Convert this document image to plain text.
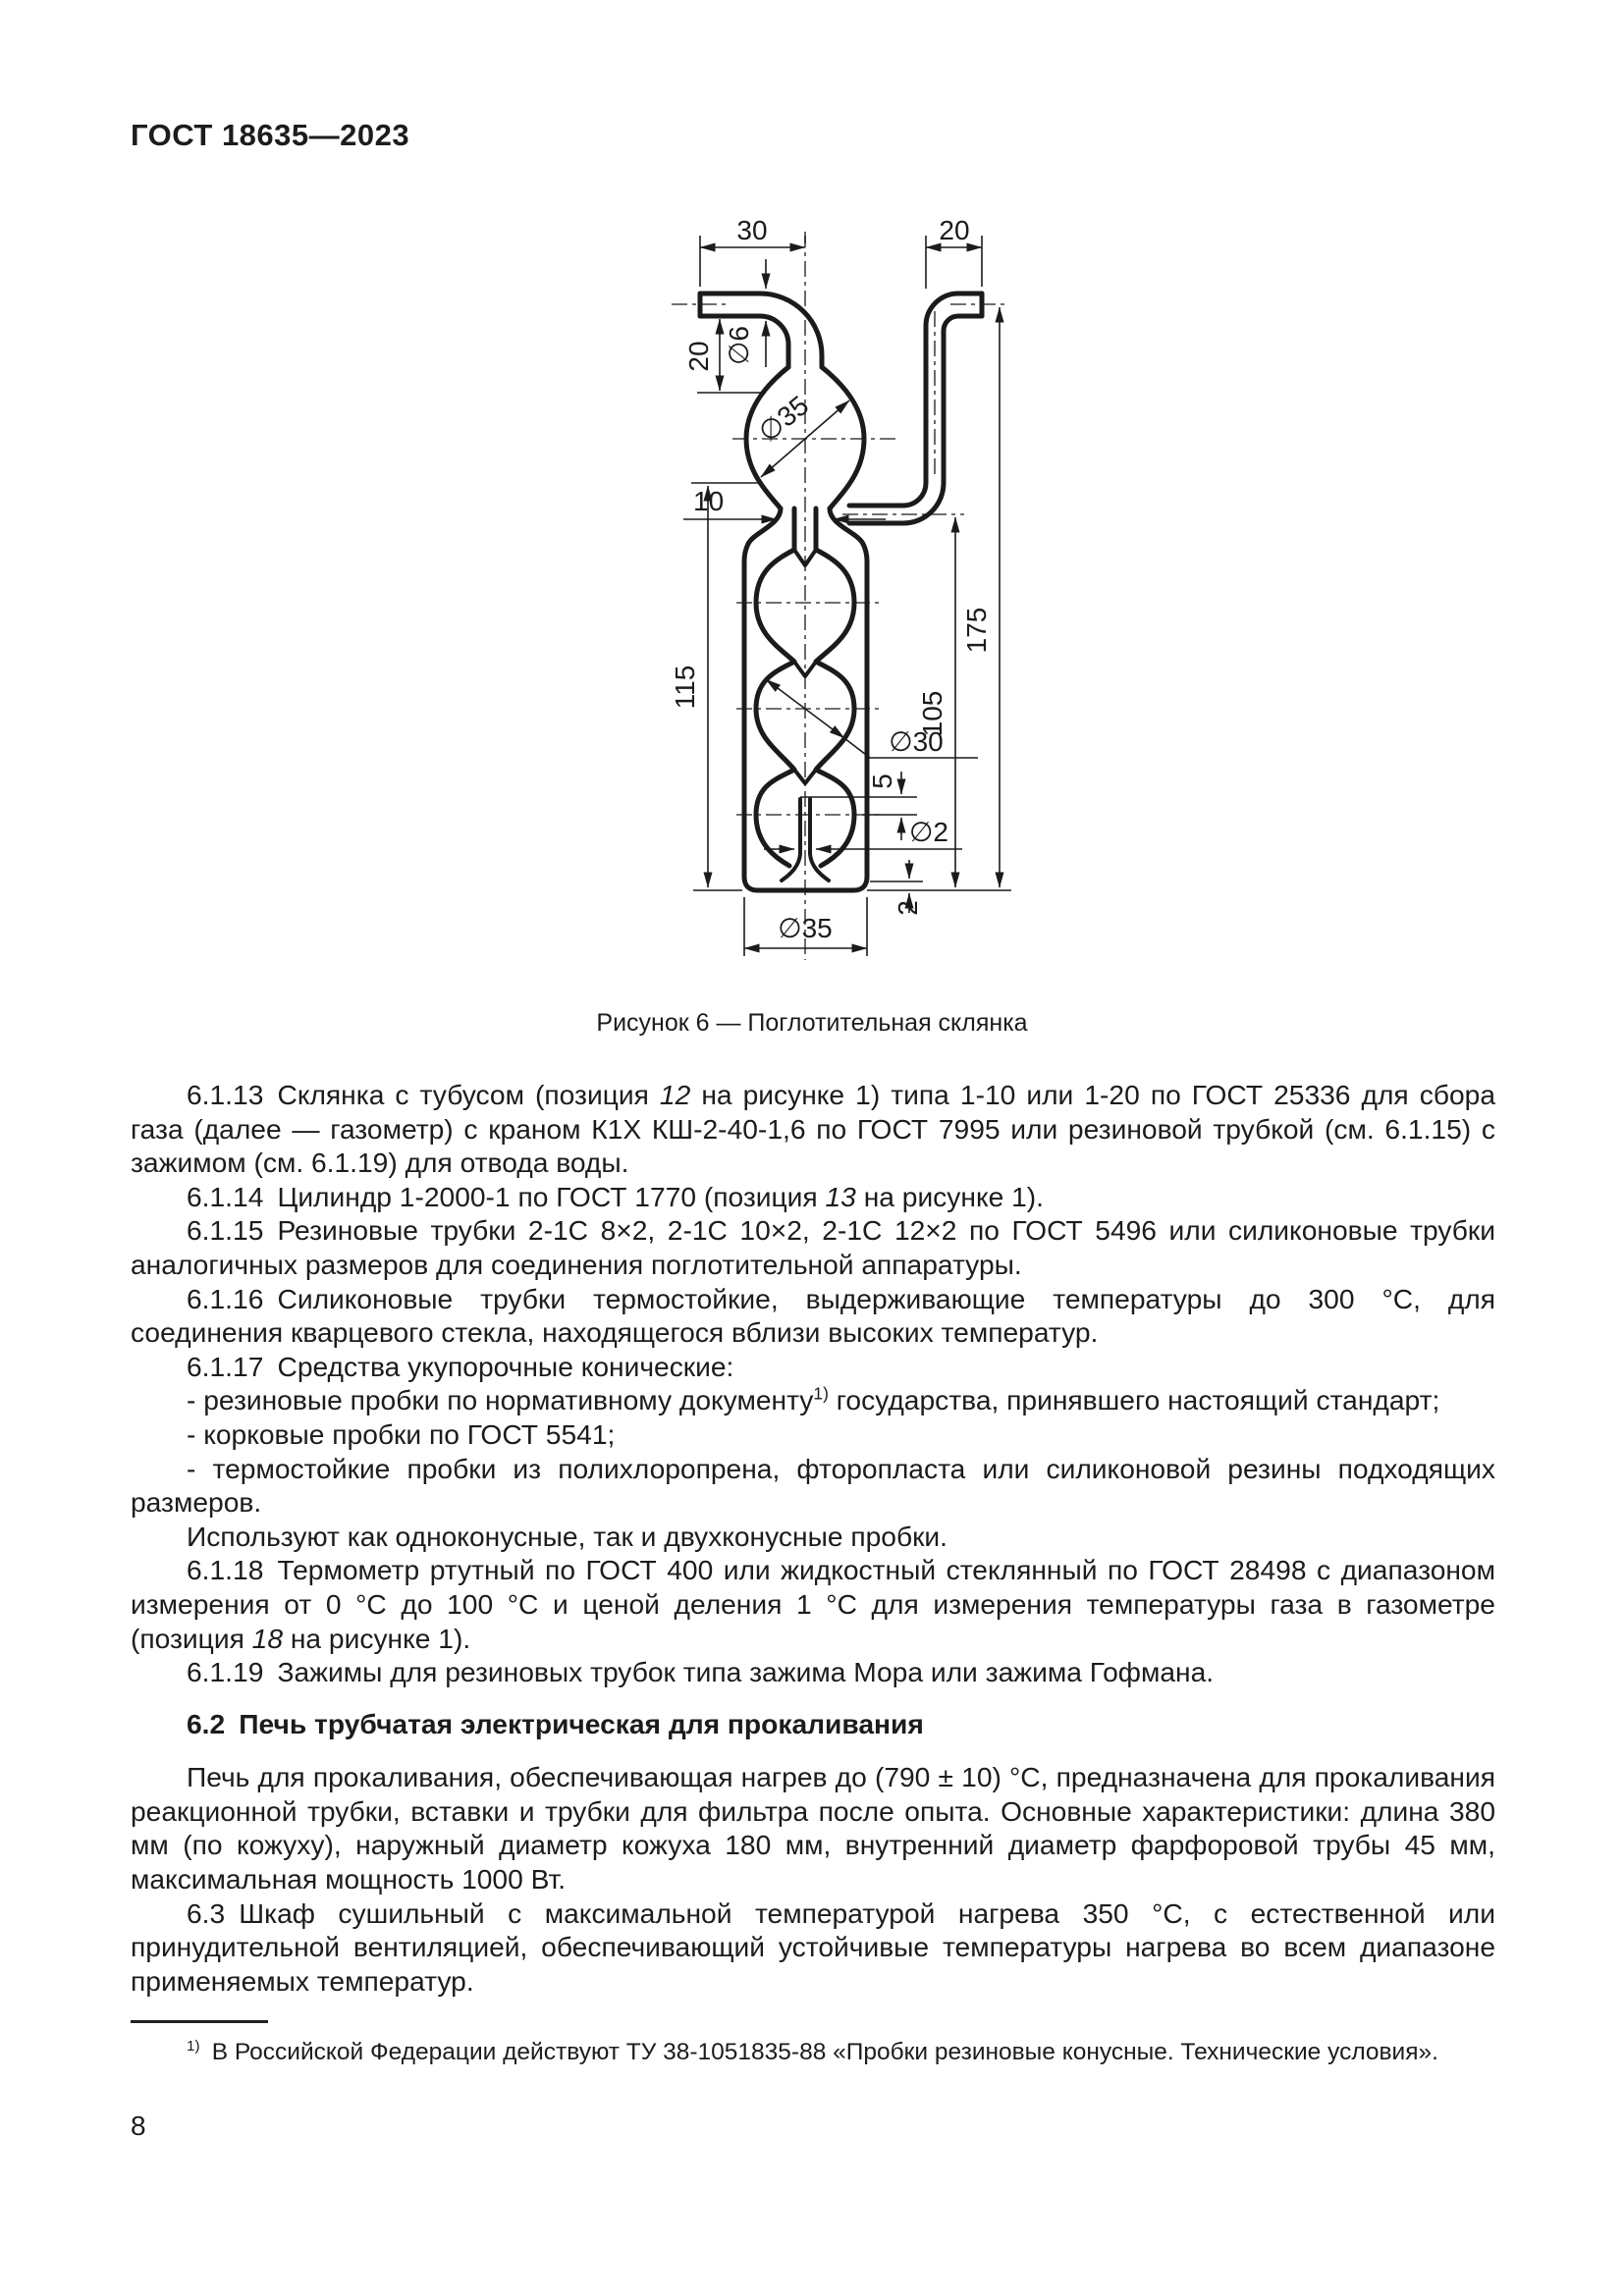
ГОСТ 18635—2023
30	20
∅6
20
∅35
10
115
105
175
∅30
5
∅2
2
∅35
Рисунок 6 — Поглотительная склянка

6.1.13 Склянка с тубусом (позиция 12 на рисунке 1) типа 1-10 или 1-20 по ГОСТ 25336 для сбора газа (далее — газометр) с краном К1Х КШ-2-40-1,6 по ГОСТ 7995 или резиновой трубкой (см. 6.1.15) с зажимом (см. 6.1.19) для отвода воды.

6.1.14 Цилиндр 1-2000-1 по ГОСТ 1770 (позиция 13 на рисунке 1).

6.1.15 Резиновые трубки 2-1С 8×2, 2-1С 10×2, 2-1С 12×2 по ГОСТ 5496 или силиконовые трубки аналогичных размеров для соединения поглотительной аппаратуры.

6.1.16 Силиконовые трубки термостойкие, выдерживающие температуры до 300 °С, для соединения кварцевого стекла, находящегося вблизи высоких температур.

6.1.17 Средства укупорочные конические:

- резиновые пробки по нормативному документу$^{1)}$ государства, принявшего настоящий стандарт;

- корковые пробки по ГОСТ 5541;

- термостойкие пробки из полихлоропрена, фторопласта или силиконовой резины подходящих размеров.

Используют как одноконусные, так и двухконусные пробки.

6.1.18 Термометр ртутный по ГОСТ 400 или жидкостный стеклянный по ГОСТ 28498 с диапазоном измерения от 0 °С до 100 °С и ценой деления 1 °С для измерения температуры газа в газометре (позиция 18 на рисунке 1).

6.1.19 Зажимы для резиновых трубок типа зажима Мора или зажима Гофмана.

6.2 Печь трубчатая электрическая для прокаливания

Печь для прокаливания, обеспечивающая нагрев до (790 ± 10) °С, предназначена для прокаливания реакционной трубки, вставки и трубки для фильтра после опыта. Основные характеристики: длина 380 мм (по кожуху), наружный диаметр кожуха 180 мм, внутренний диаметр фарфоровой трубы 45 мм, максимальная мощность 1000 Вт.

6.3 Шкаф сушильный с максимальной температурой нагрева 350 °С, с естественной или принудительной вентиляцией, обеспечивающий устойчивые температуры нагрева во всем диапазоне применяемых температур.

$^{1)}$ В Российской Федерации действуют ТУ 38-1051835-88 «Пробки резиновые конусные. Технические условия».

8
